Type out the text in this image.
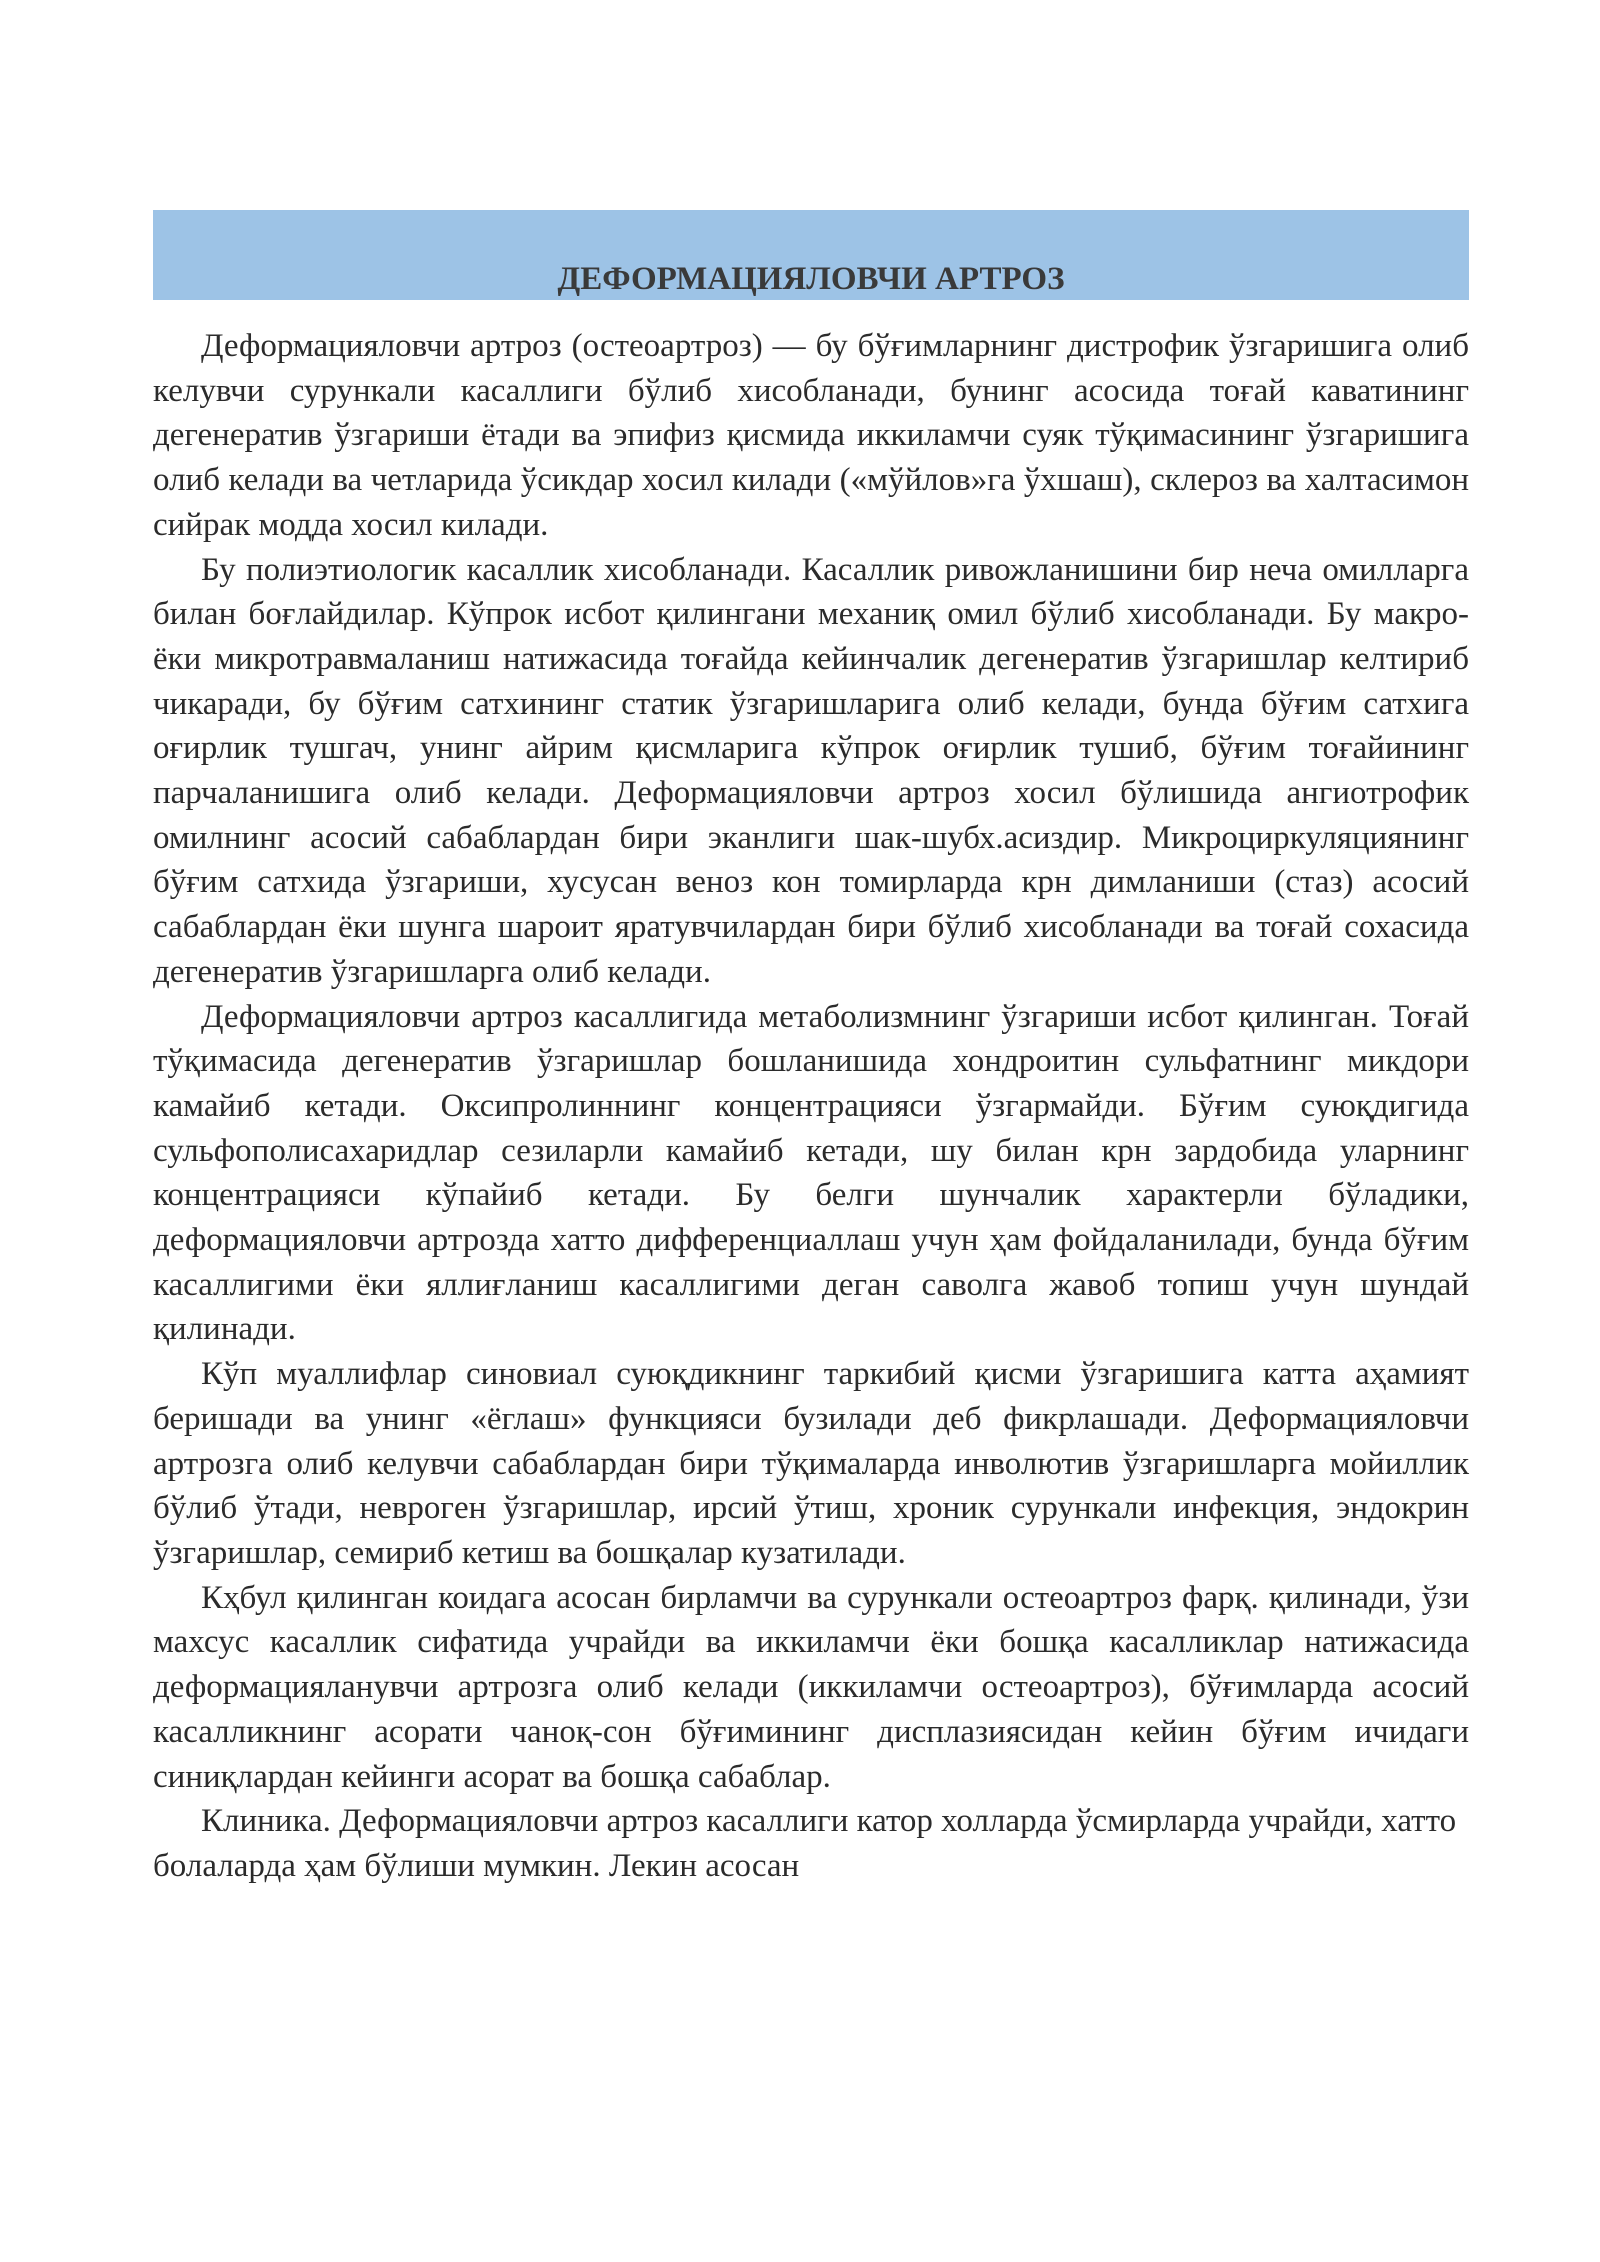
ДЕФОРМАЦИЯЛОВЧИ АРТРОЗ

Деформацияловчи артроз (остеоартроз) — бу бўғимларнинг дистрофик ўзгаришига олиб келувчи сурункали касаллиги бўлиб хисобланади, бунинг асосида тоғай каватининг дегенератив ўзгариши ётади ва эпифиз қисмида иккиламчи суяк тўқимасининг ўзгаришига олиб келади ва четларида ўсикдар хосил килади («мўйлов»га ўхшаш), склероз ва халтасимон сийрак модда хосил килади.

Бу полиэтиологик касаллик хисобланади. Касаллик ривожланишини бир неча омилларга билан боғлайдилар. Кўпрок исбот қилингани механиқ омил бўлиб хисобланади. Бу макро- ёки микротравмаланиш натижасида тоғайда кейинчалик дегенератив ўзгаришлар келтириб чикаради, бу бўғим сатхининг статик ўзгаришларига олиб келади, бунда бўғим сатхига оғирлик тушгач, унинг айрим қисмларига кўпрок оғирлик тушиб, бўғим тоғайининг парчаланишига олиб келади. Деформацияловчи артроз хосил бўлишида ангиотрофик омилнинг асосий сабаблардан бири эканлиги шак-шубх.асиздир. Микроциркуляциянинг бўғим сатхида ўзгариши, хусусан веноз кон томирларда крн димланиши (стаз) асосий сабаблардан ёки шунга шароит яратувчилардан бири бўлиб хисобланади ва тоғай сохасида дегенератив ўзгаришларга олиб келади.

Деформацияловчи артроз касаллигида метаболизмнинг ўзгариши исбот қилинган. Тоғай тўқимасида дегенератив ўзгаришлар бошланишида хондроитин сульфатнинг микдори камайиб кетади. Оксипролиннинг концентрацияси ўзгармайди. Бўғим суюқдигида сульфополисахаридлар сезиларли камайиб кетади, шу билан крн зардобида уларнинг концентрацияси кўпайиб кетади. Бу белги шунчалик характерли бўладики, деформацияловчи артрозда хатто дифференциаллаш учун ҳам фойдаланилади, бунда бўғим касаллигими ёки яллиғланиш касаллигими деган саволга жавоб топиш учун шундай қилинади.

Кўп муаллифлар синовиал суюқдикнинг таркибий қисми ўзгаришига катта аҳамият беришади ва унинг «ёглаш» функцияси бузилади деб фикрлашади. Деформацияловчи артрозга олиб келувчи сабаблардан бири тўқималарда инволютив ўзгаришларга мойиллик бўлиб ўтади, неврогeн ўзгаришлар, ирсий ўтиш, хроник сурункали инфекция, эндокрин ўзгаришлар, семириб кетиш ва бошқалар кузатилади.

Кҳбул қилинган коидага асосан бирламчи ва сурункали остеоартроз фарқ. қилинади, ўзи махсус касаллик сифатида учрайди ва иккиламчи ёки бошқа касалликлар натижасида деформацияланувчи артрозга олиб келади (иккиламчи остеоартроз), бўғимларда асосий касалликнинг асорати чаноқ-сон бўғимининг дисплазиясидан кейин бўғим ичидаги синиқлардан кейинги асорат ва бошқа сабаблар.

Клиника. Деформацияловчи артроз касаллиги катор холларда ўсмирларда учрайди, хатто болаларда ҳам бўлиши мумкин. Лекин асосан
